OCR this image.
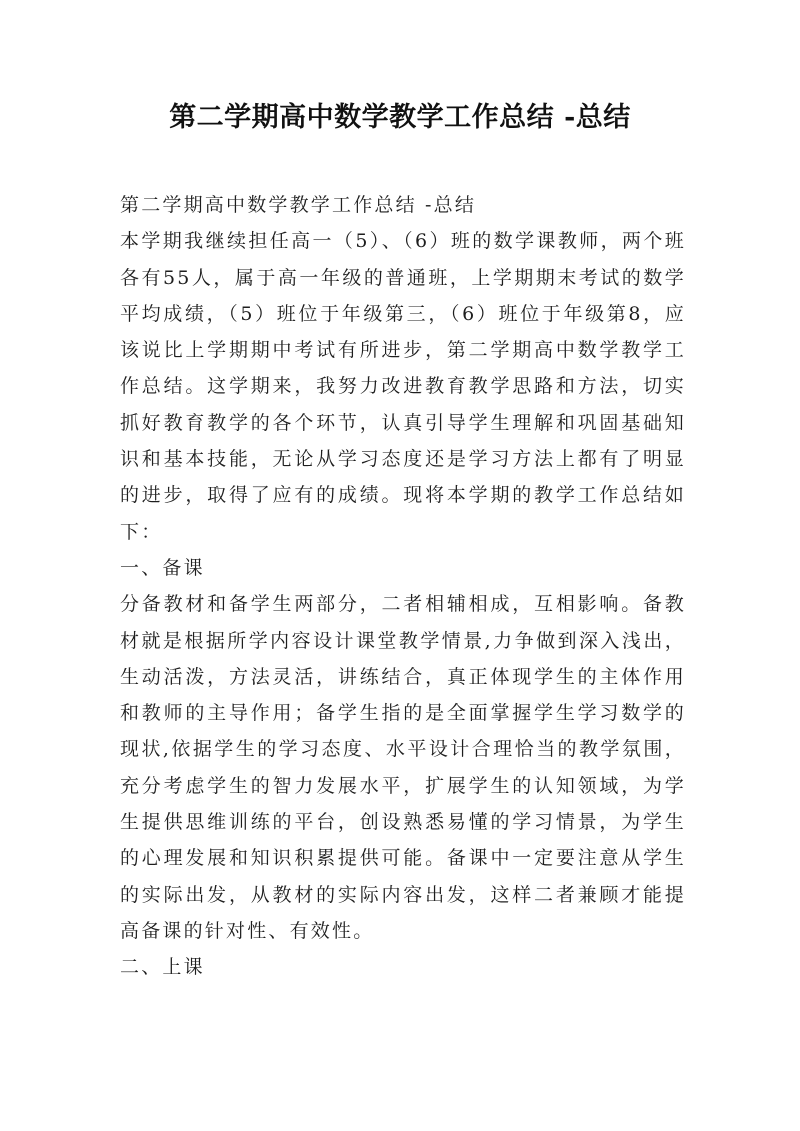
第二学期高中数学教学工作总结 -总结

第二学期高中数学教学工作总结 -总结

本学期我继续担任高一（5）、（6）班的数学课教师，两个班各有55人，属于高一年级的普通班，上学期期末考试的数学平均成绩，（5）班位于年级第三，（6）班位于年级第8，应该说比上学期期中考试有所进步，第二学期高中数学教学工作总结。这学期来，我努力改进教育教学思路和方法，切实抓好教育教学的各个环节，认真引导学生理解和巩固基础知识和基本技能，无论从学习态度还是学习方法上都有了明显的进步，取得了应有的成绩。现将本学期的教学工作总结如下：

一、备课

分备教材和备学生两部分，二者相辅相成，互相影响。备教材就是根据所学内容设计课堂教学情景,力争做到深入浅出，生动活泼，方法灵活，讲练结合，真正体现学生的主体作用和教师的主导作用；备学生指的是全面掌握学生学习数学的现状,依据学生的学习态度、水平设计合理恰当的教学氛围，充分考虑学生的智力发展水平，扩展学生的认知领域，为学生提供思维训练的平台，创设熟悉易懂的学习情景，为学生的心理发展和知识积累提供可能。备课中一定要注意从学生的实际出发，从教材的实际内容出发，这样二者兼顾才能提高备课的针对性、有效性。

二、上课
